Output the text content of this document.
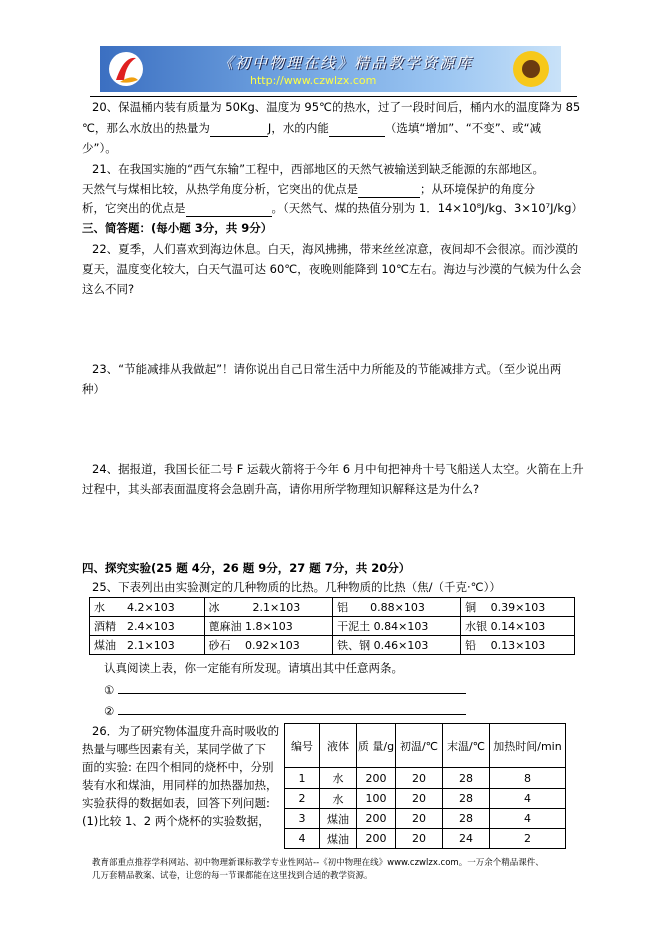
《初中物理在线》精品教学资源库
http://www.czwlzx.com
20、保温桶内装有质量为 50Kg、温度为 95℃的热水，过了一段时间后，桶内水的温度降为 85
℃，那么水放出的热量为	J，水的内能	（选填“增加”、“不变”、或“减
少”）。
21、在我国实施的“西气东输”工程中，西部地区的天然气被输送到缺乏能源的东部地区。
天然气与煤相比较，从热学角度分析，它突出的优点是	；从环境保护的角度分
析，它突出的优点是	。（天然气、煤的热值分别为 1．14×10⁸J/kg、3×10⁷J/kg）
三、简答题：(每小题 3分，共 9分）
22、夏季，人们喜欢到海边休息。白天，海风拂拂，带来丝丝凉意，夜间却不会很凉。而沙漠的
夏天，温度变化较大，白天气温可达 60℃，夜晚则能降到 10℃左右。海边与沙漠的气候为什么会
这么不同?
23、“节能减排从我做起”！请你说出自己日常生活中力所能及的节能减排方式。（至少说出两
种）
24、据报道，我国长征二号 F 运载火箭将于今年 6 月中旬把神舟十号飞船送人太空。火箭在上升
过程中，其头部表面温度将会急剧升高，请你用所学物理知识解释这是为什么?
四、探究实验(25 题 4分，26 题 9分，27 题 7分，共 20分）
25、下表列出由实验测定的几种物质的比热。几种物质的比热（焦/（千克·℃））
水　　4.2×103	冰　　　2.1×103	铝　　0.88×103	铜　 0.39×103
酒精　2.4×103	蓖麻油 1.8×103	干泥土 0.84×103	水银 0.14×103
煤油　2.1×103	砂石　 0.92×103	铁、钢 0.46×103	铅　 0.13×103
认真阅读上表，你一定能有所发现。请填出其中任意两条。
①
②
26．为了研究物体温度升高时吸收的
热量与哪些因素有关，某同学做了下
面的实验: 在四个相同的烧杯中，分别
装有水和煤油，用同样的加热器加热，
实验获得的数据如表，回答下列问题:
(1)比较 1、2 两个烧杯的实验数据，
编号	液体	质 量/g	初温/℃	末温/℃	加热时间/min
1	水	200	20	28	8
2	水	100	20	28	4
3	煤油	200	20	28	4
4	煤油	200	20	24	2
教育部重点推荐学科网站、初中物理新课标教学专业性网站--《初中物理在线》www.czwlzx.com。一万余个精品课件、
几万套精品教案、试卷，让您的每一节课都能在这里找到合适的教学资源。
